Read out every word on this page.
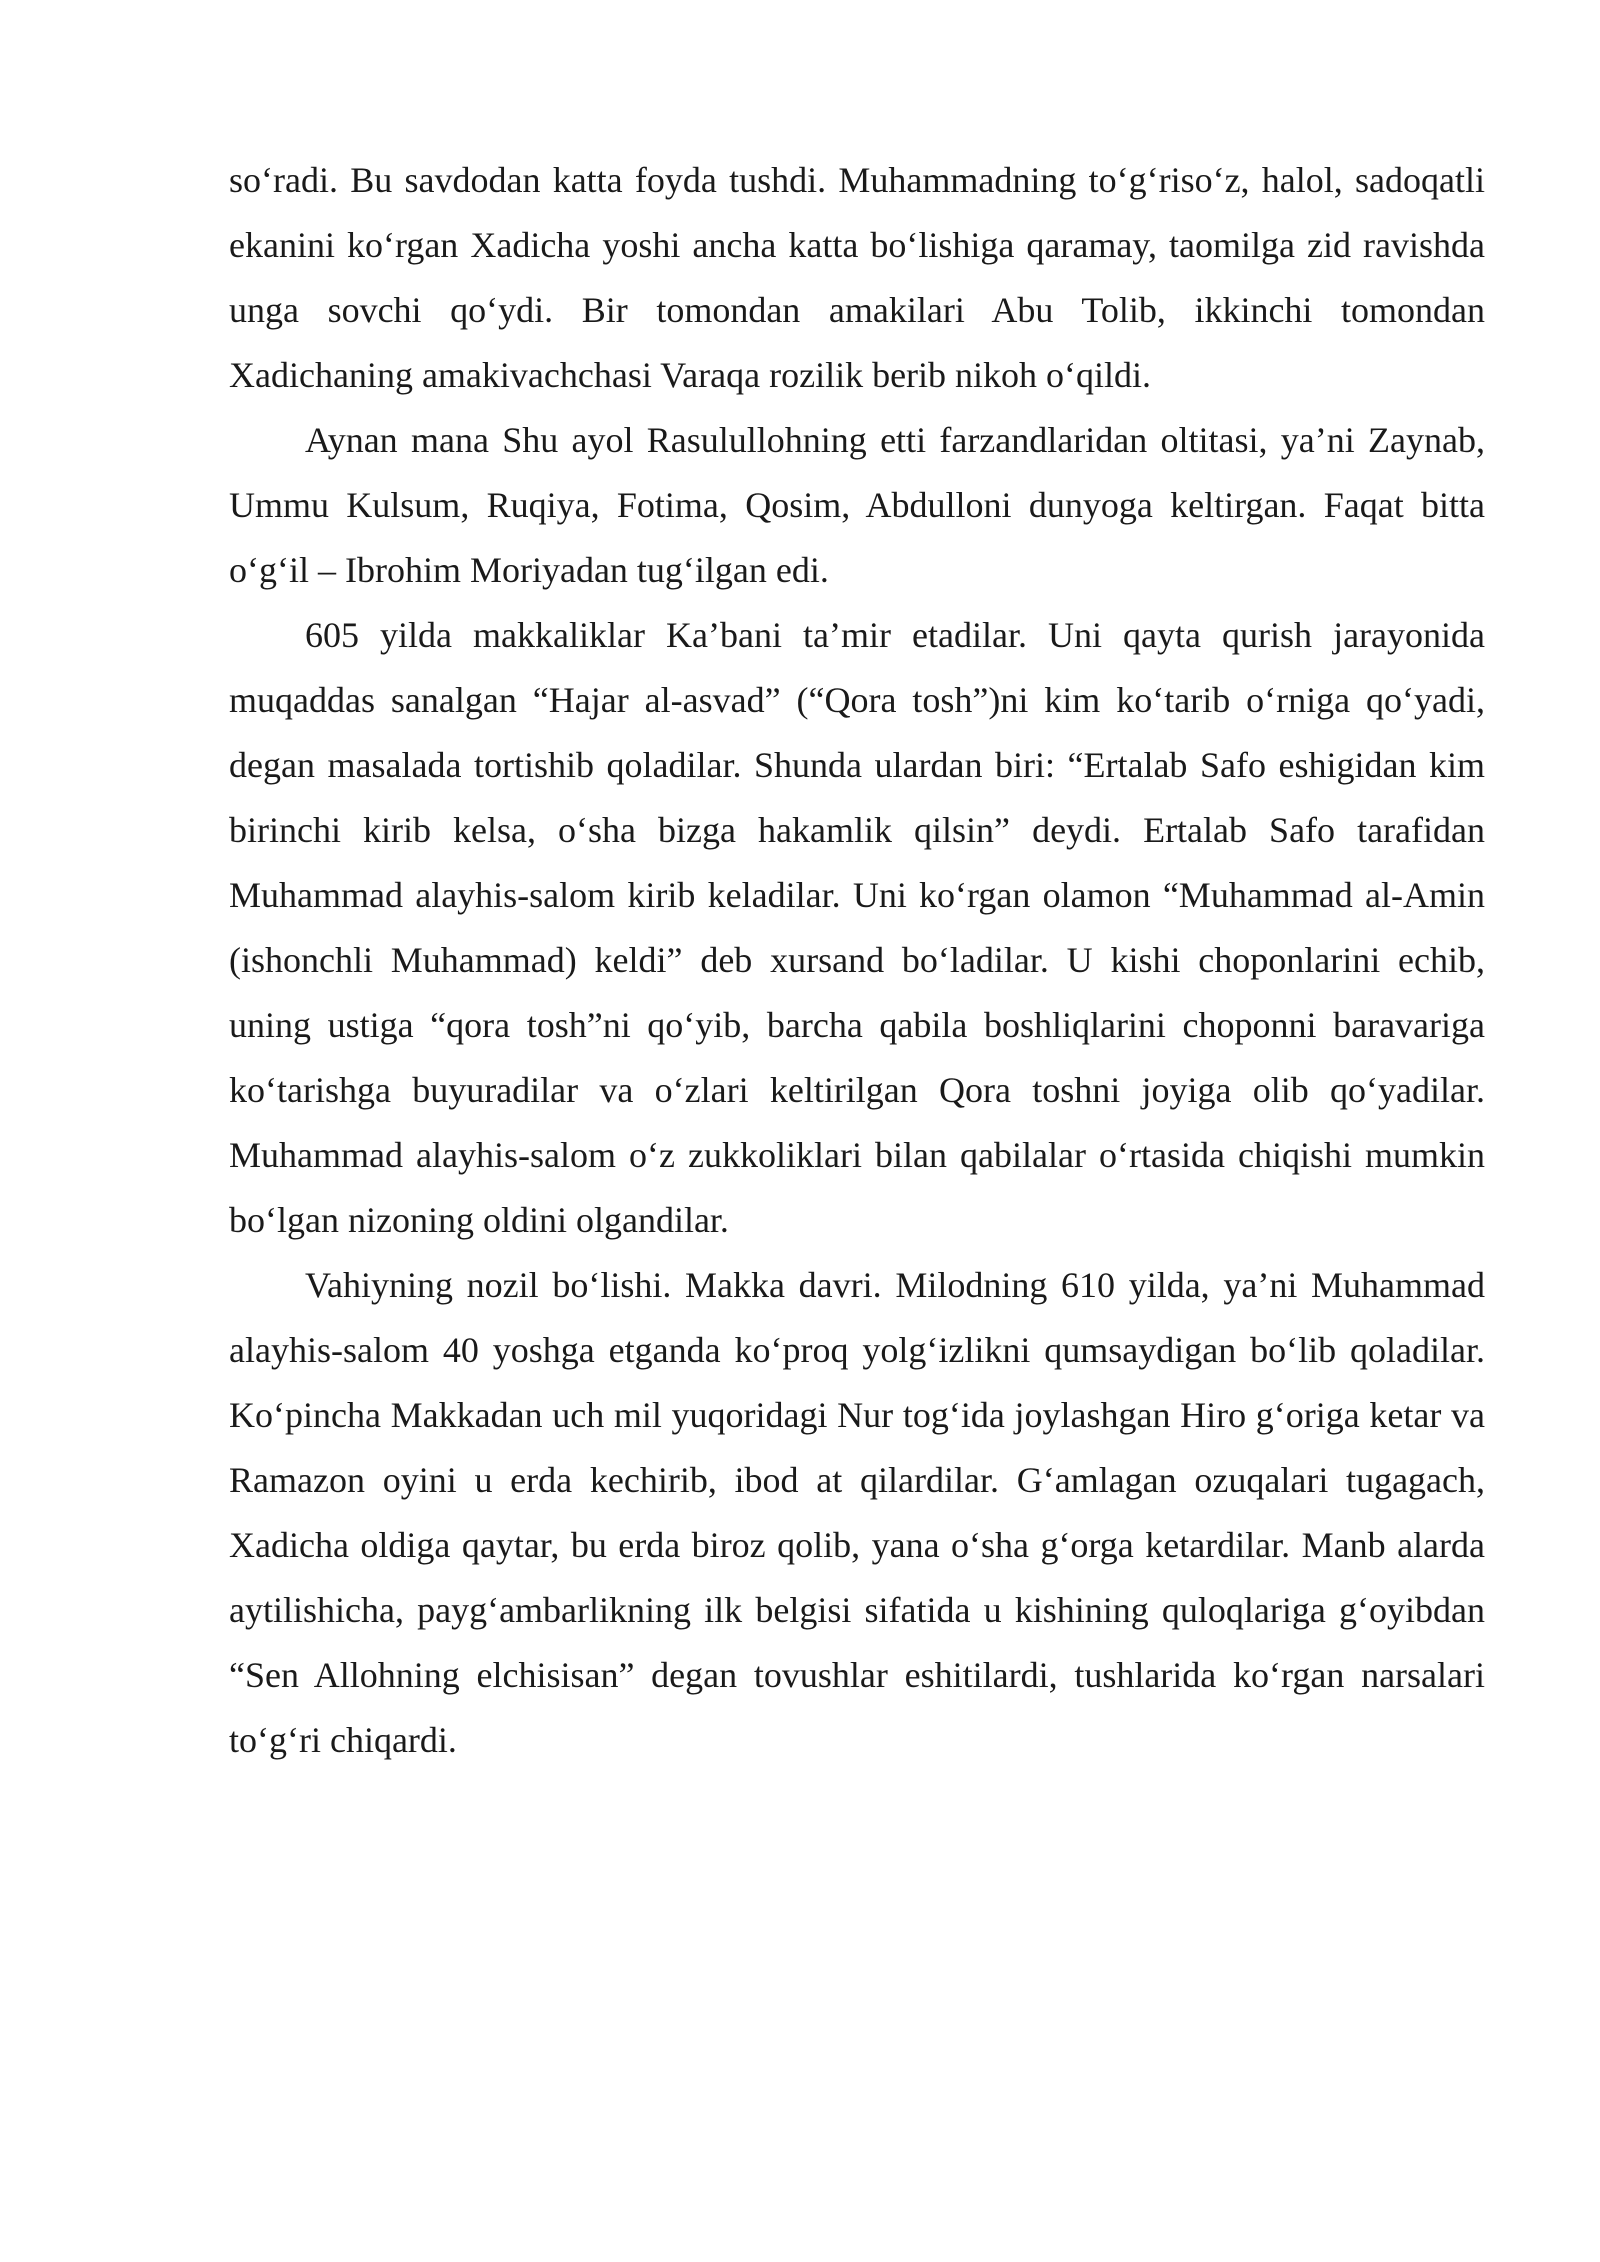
so‘radi. Bu savdodan katta foyda tushdi. Muhammadning to‘g‘riso‘z, halol, sadoqatli ekanini ko‘rgan Xadicha yoshi ancha katta bo‘lishiga qaramay, taomilga zid ravishda unga sovchi qo‘ydi. Bir tomondan amakilari Abu Tolib, ikkinchi tomondan Xadichaning amakivachchasi Varaqa rozilik berib nikoh o‘qildi.

Aynan mana Shu ayol Rasulullohning etti farzandlaridan oltitasi, ya’ni Zaynab, Ummu Kulsum, Ruqiya, Fotima, Qosim, Abdulloni dunyoga keltirgan. Faqat bitta o‘g‘il – Ibrohim Moriyadan tug‘ilgan edi.

605 yilda makkaliklar Ka’bani ta’mir etadilar. Uni qayta qurish jarayonida muqaddas sanalgan “Hajar al-asvad” (“Qora tosh”)ni kim ko‘tarib o‘rniga qo‘yadi, degan masalada tortishib qoladilar. Shunda ulardan biri: “Ertalab Safo eshigidan kim birinchi kirib kelsa, o‘sha bizga hakamlik qilsin” deydi. Ertalab Safo tarafidan Muhammad alayhis-salom kirib keladilar. Uni ko‘rgan olamon “Muhammad al-Amin (ishonchli Muhammad) keldi” deb xursand bo‘ladilar. U kishi choponlarini echib, uning ustiga “qora tosh”ni qo‘yib, barcha qabila boshliqlarini choponni baravariga ko‘tarishga buyuradilar va o‘zlari keltirilgan Qora toshni joyiga olib qo‘yadilar. Muhammad alayhis-salom o‘z zukkoliklari bilan qabilalar o‘rtasida chiqishi mumkin bo‘lgan nizoning oldini olgandilar.

Vahiyning nozil bo‘lishi. Makka davri. Milodning 610 yilda, ya’ni Muhammad alayhis-salom 40 yoshga etganda ko‘proq yolg‘izlikni qumsaydigan bo‘lib qoladilar. Ko‘pincha Makkadan uch mil yuqoridagi Nur tog‘ida joylashgan Hiro g‘origa ketar va Ramazon oyini u erda kechirib, ibod at qilardilar. G‘amlagan ozuqalari tugagach, Xadicha oldiga qaytar, bu erda biroz qolib, yana o‘sha g‘orga ketardilar. Manb alarda aytilishicha, payg‘ambarlikning ilk belgisi sifatida u kishining quloqlariga g‘oyibdan “Sen Allohning elchisisan” degan tovushlar eshitilardi, tushlarida ko‘rgan narsalari to‘g‘ri chiqardi.
